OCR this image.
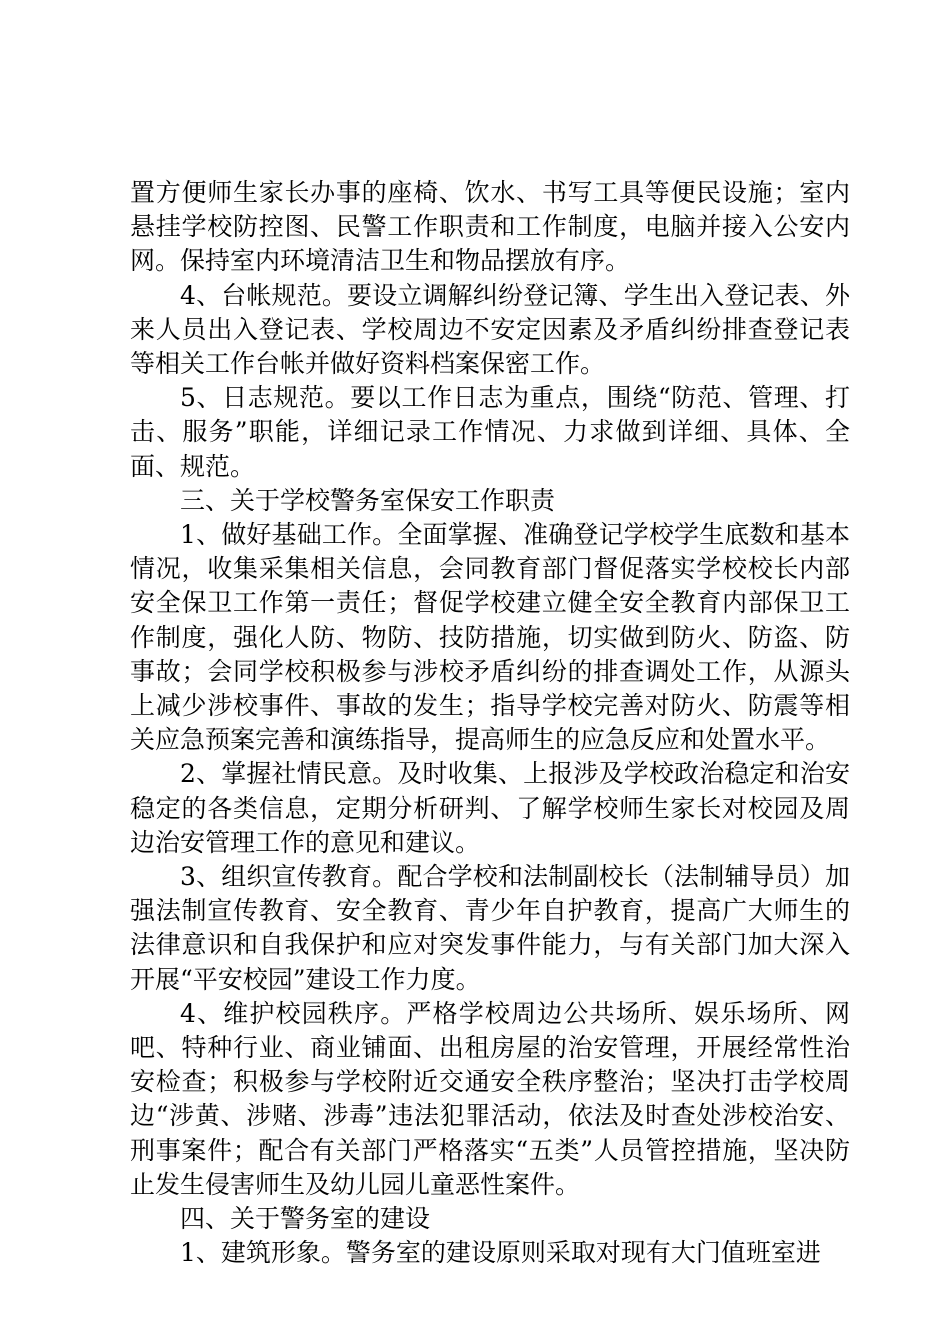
置方便师生家长办事的座椅、饮水、书写工具等便民设施；室内悬挂学校防控图、民警工作职责和工作制度，电脑并接入公安内网。保持室内环境清洁卫生和物品摆放有序。

4、台帐规范。要设立调解纠纷登记簿、学生出入登记表、外来人员出入登记表、学校周边不安定因素及矛盾纠纷排查登记表等相关工作台帐并做好资料档案保密工作。

5、日志规范。要以工作日志为重点，围绕“防范、管理、打击、服务”职能，详细记录工作情况、力求做到详细、具体、全面、规范。

三、关于学校警务室保安工作职责

1、做好基础工作。全面掌握、准确登记学校学生底数和基本情况，收集采集相关信息，会同教育部门督促落实学校校长内部安全保卫工作第一责任；督促学校建立健全安全教育内部保卫工作制度，强化人防、物防、技防措施，切实做到防火、防盗、防事故；会同学校积极参与涉校矛盾纠纷的排查调处工作，从源头上减少涉校事件、事故的发生；指导学校完善对防火、防震等相关应急预案完善和演练指导，提高师生的应急反应和处置水平。

2、掌握社情民意。及时收集、上报涉及学校政治稳定和治安稳定的各类信息，定期分析研判、了解学校师生家长对校园及周边治安管理工作的意见和建议。

3、组织宣传教育。配合学校和法制副校长（法制辅导员）加强法制宣传教育、安全教育、青少年自护教育，提高广大师生的法律意识和自我保护和应对突发事件能力，与有关部门加大深入开展“平安校园”建设工作力度。

4、维护校园秩序。严格学校周边公共场所、娱乐场所、网吧、特种行业、商业铺面、出租房屋的治安管理，开展经常性治安检查；积极参与学校附近交通安全秩序整治；坚决打击学校周边“涉黄、涉赌、涉毒”违法犯罪活动，依法及时查处涉校治安、刑事案件；配合有关部门严格落实“五类”人员管控措施，坚决防止发生侵害师生及幼儿园儿童恶性案件。

四、关于警务室的建设

1、建筑形象。警务室的建设原则采取对现有大门值班室进
